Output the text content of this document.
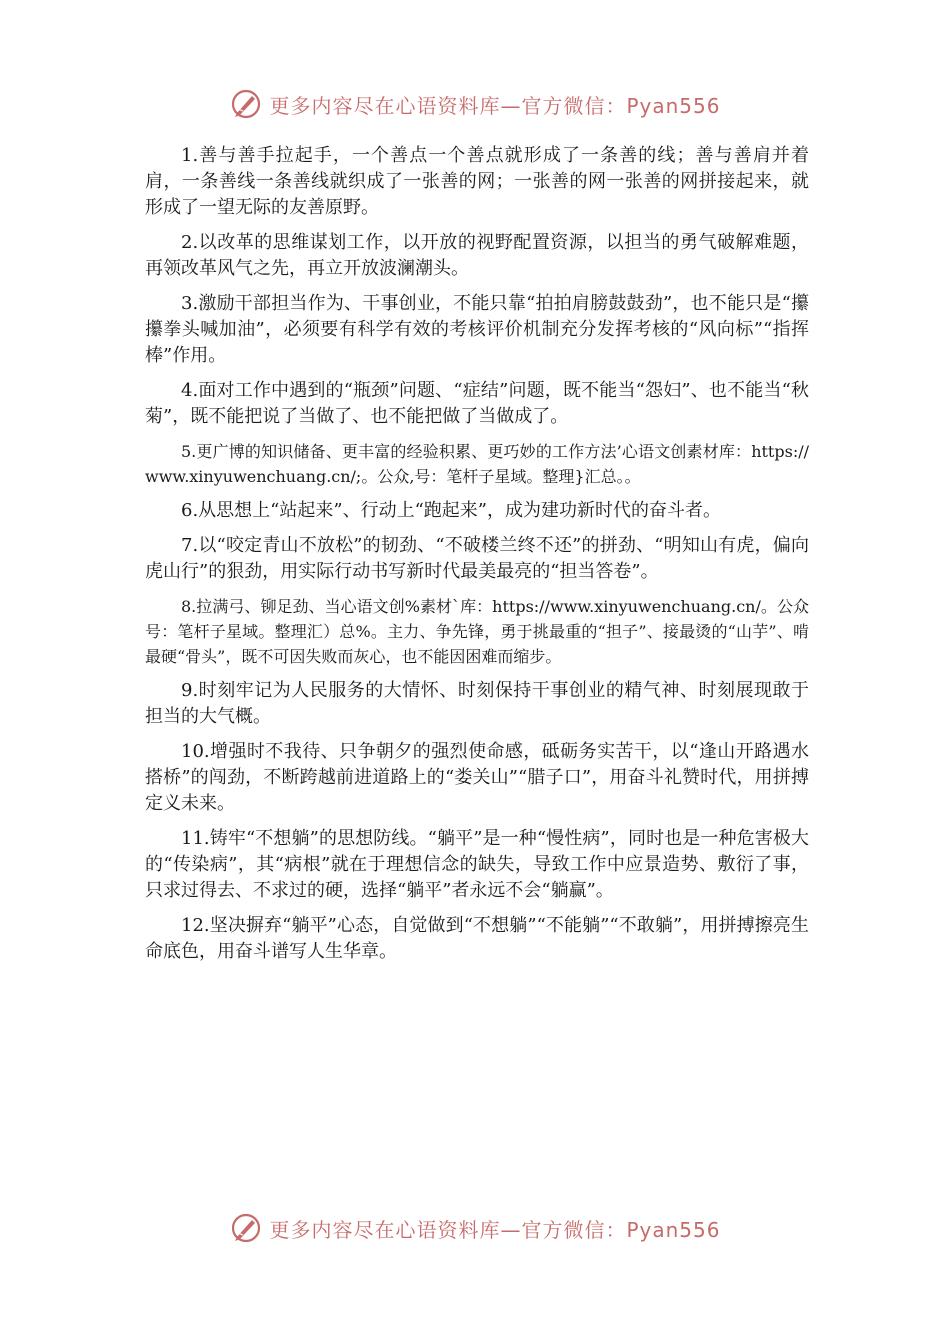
更多内容尽在心语资料库—官方微信：Pyan556

1.善与善手拉起手，一个善点一个善点就形成了一条善的线；善与善肩并着肩，一条善线一条善线就织成了一张善的网；一张善的网一张善的网拼接起来，就形成了一望无际的友善原野。

2.以改革的思维谋划工作，以开放的视野配置资源，以担当的勇气破解难题，再领改革风气之先，再立开放波澜潮头。

3.激励干部担当作为、干事创业，不能只靠“拍拍肩膀鼓鼓劲”，也不能只是“攥攥拳头喊加油”，必须要有科学有效的考核评价机制充分发挥考核的“风向标”“指挥棒”作用。

4.面对工作中遇到的“瓶颈”问题、“症结”问题，既不能当“怨妇”、也不能当“秋菊”，既不能把说了当做了、也不能把做了当做成了。

5.更广博的知识储备、更丰富的经验积累、更巧妙的工作方法’心语文创素材库：https://www.xinyuwenchuang.cn/;。公众,号：笔杆子星域。整理}汇总。。

6.从思想上“站起来”、行动上“跑起来”，成为建功新时代的奋斗者。

7.以“咬定青山不放松”的韧劲、“不破楼兰终不还”的拼劲、“明知山有虎，偏向虎山行”的狠劲，用实际行动书写新时代最美最亮的“担当答卷”。

8.拉满弓、铆足劲、当心语文创%素材`库：https://www.xinyuwenchuang.cn/。公众号：笔杆子星域。整理汇）总%。主力、争先锋，勇于挑最重的“担子”、接最烫的“山芋”、啃最硬“骨头”，既不可因失败而灰心，也不能因困难而缩步。

9.时刻牢记为人民服务的大情怀、时刻保持干事创业的精气神、时刻展现敢于担当的大气概。

10.增强时不我待、只争朝夕的强烈使命感，砥砺务实苦干，以“逢山开路遇水搭桥”的闯劲，不断跨越前进道路上的“娄关山”“腊子口”，用奋斗礼赞时代，用拼搏定义未来。

11.铸牢“不想躺”的思想防线。“躺平”是一种“慢性病”，同时也是一种危害极大的“传染病”，其“病根”就在于理想信念的缺失，导致工作中应景造势、敷衍了事，只求过得去、不求过的硬，选择“躺平”者永远不会“躺赢”。

12.坚决摒弃“躺平”心态，自觉做到“不想躺”“不能躺”“不敢躺”，用拼搏擦亮生命底色，用奋斗谱写人生华章。

更多内容尽在心语资料库—官方微信：Pyan556
